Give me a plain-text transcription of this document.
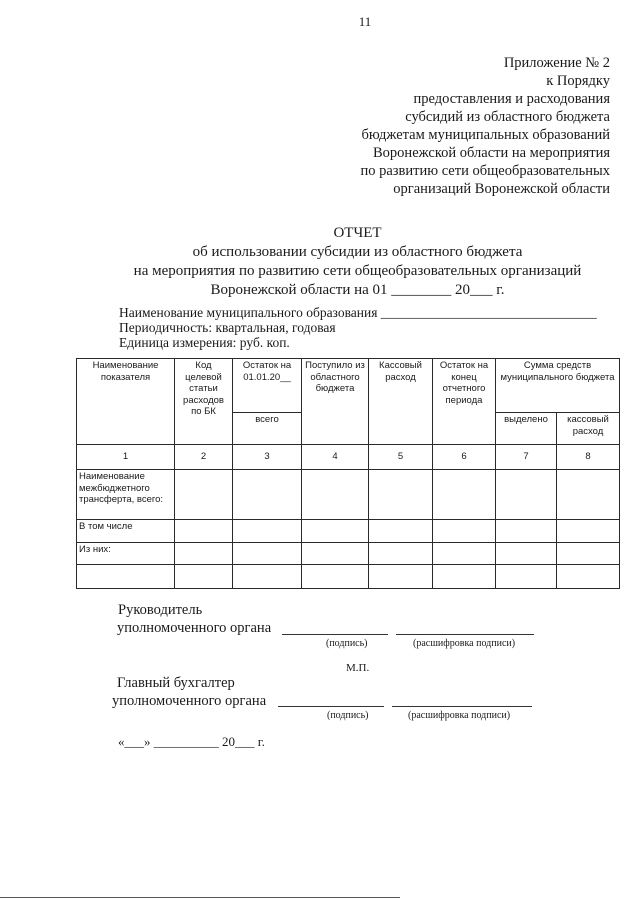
11
Приложение № 2
к Порядку
предоставления и расходования
субсидий из областного бюджета
бюджетам муниципальных образований
Воронежской области на мероприятия
по развитию сети общеобразовательных
организаций Воронежской области
ОТЧЕТ
об использовании субсидии из областного бюджета
на мероприятия по развитию сети общеобразовательных организаций
Воронежской области на 01 ________ 20___ г.
Наименование муниципального образования ________________________________
Периодичность: квартальная, годовая
Единица измерения: руб. коп.
Наименование показателя	Код целевой статьи расходов по БК	Остаток на 01.01.20__	Поступило из областного бюджета	Кассовый расход	Остаток на конец отчетного периода	Сумма средств муниципального бюджета	
		всего				выделено	кассовый расход
1	2	3	4	5	6	7	8
Наименование межбюджетного трансферта, всего:							
В том числе							
Из них:							

Руководитель
уполномоченного органа
(подпись)	(расшифровка подписи)
М.П.
Главный бухгалтер
уполномоченного органа
(подпись)	(расшифровка подписи)
«___» __________ 20___ г.
